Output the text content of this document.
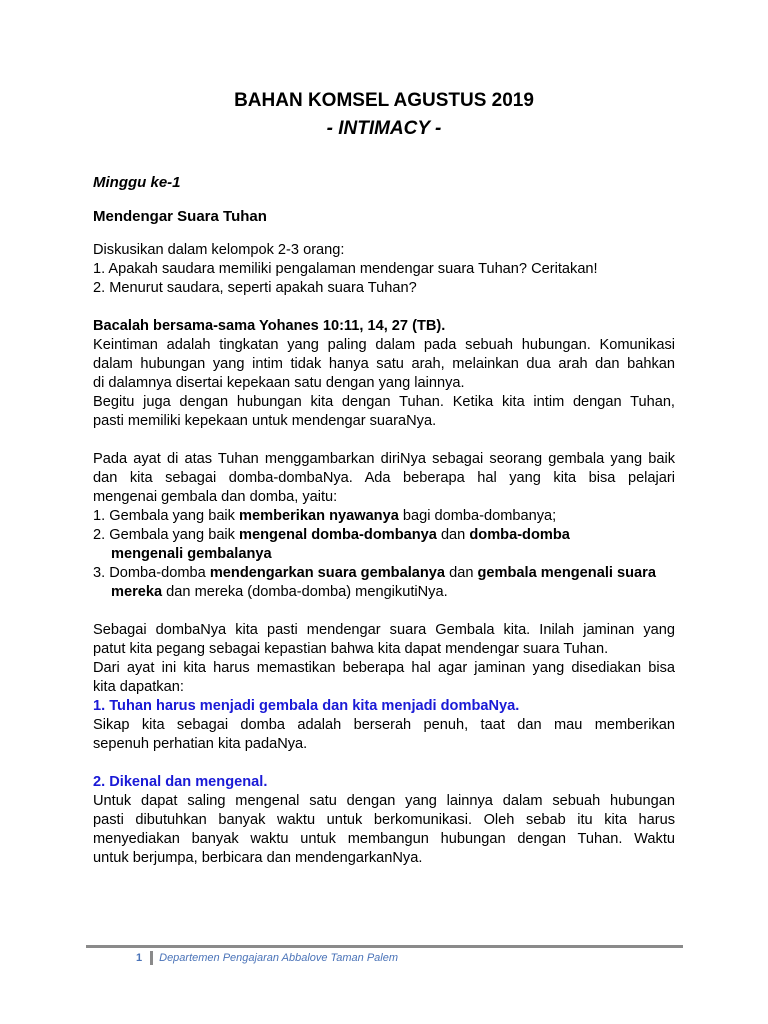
BAHAN KOMSEL AGUSTUS 2019
- INTIMACY -
Minggu ke-1
Mendengar Suara Tuhan
Diskusikan dalam kelompok 2-3 orang:
1. Apakah saudara memiliki pengalaman mendengar suara Tuhan? Ceritakan!
2. Menurut saudara, seperti apakah suara Tuhan?
Bacalah bersama-sama Yohanes 10:11, 14, 27 (TB).
Keintiman adalah tingkatan yang paling dalam pada sebuah hubungan. Komunikasi
dalam hubungan yang intim tidak hanya satu arah, melainkan dua arah dan bahkan
di dalamnya disertai kepekaan satu dengan yang lainnya.
Begitu juga dengan hubungan kita dengan Tuhan. Ketika kita intim dengan Tuhan,
pasti memiliki kepekaan untuk mendengar suaraNya.
Pada ayat di atas Tuhan menggambarkan diriNya sebagai seorang gembala yang baik
dan kita sebagai domba-dombaNya. Ada beberapa hal yang kita bisa pelajari
mengenai gembala dan domba, yaitu:
1. Gembala yang baik memberikan nyawanya bagi domba-dombanya;
2. Gembala yang baik mengenal domba-dombanya dan domba-domba
mengenali gembalanya
3. Domba-domba mendengarkan suara gembalanya dan gembala mengenali suara
mereka dan mereka (domba-domba) mengikutiNya.
Sebagai dombaNya kita pasti mendengar suara Gembala kita. Inilah jaminan yang
patut kita pegang sebagai kepastian bahwa kita dapat mendengar suara Tuhan.
Dari ayat ini kita harus memastikan beberapa hal agar jaminan yang disediakan bisa
kita dapatkan:
1. Tuhan harus menjadi gembala dan kita menjadi dombaNya.
Sikap kita sebagai domba adalah berserah penuh, taat dan mau memberikan
sepenuh perhatian kita padaNya.
2. Dikenal dan mengenal.
Untuk dapat saling mengenal satu dengan yang lainnya dalam sebuah hubungan
pasti dibutuhkan banyak waktu untuk berkomunikasi. Oleh sebab itu kita harus
menyediakan banyak waktu untuk membangun hubungan dengan Tuhan. Waktu
untuk berjumpa, berbicara dan mendengarkanNya.
1 Departemen Pengajaran Abbalove Taman Palem
